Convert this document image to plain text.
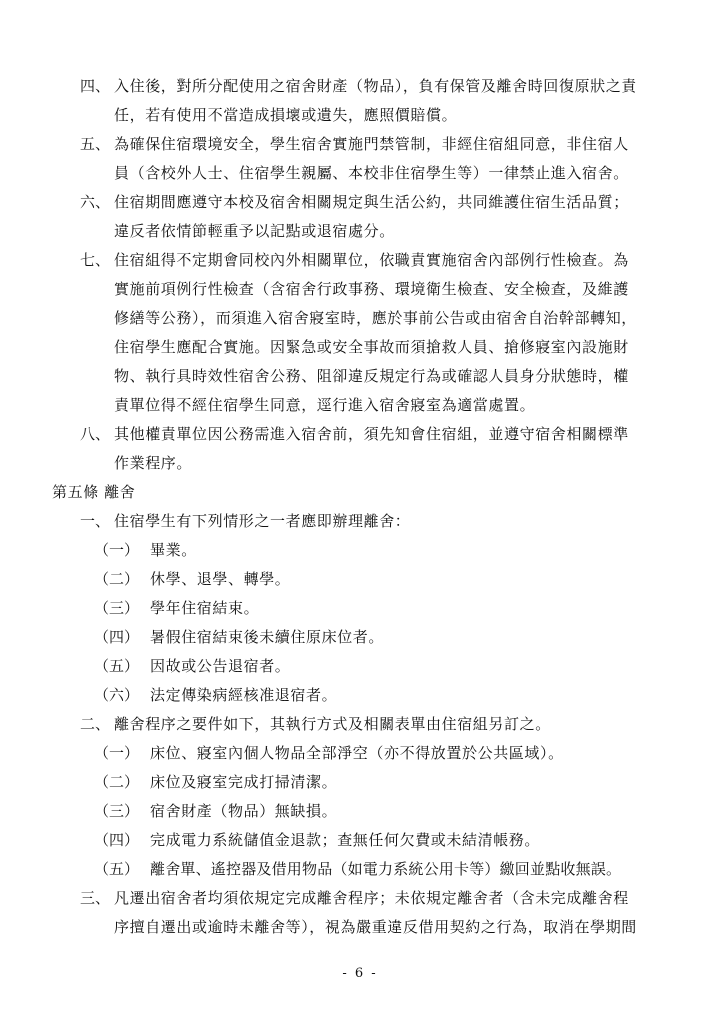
四、 入住後，對所分配使用之宿舍財產（物品），負有保管及離舍時回復原狀之責
任，若有使用不當造成損壞或遺失，應照價賠償。
五、 為確保住宿環境安全，學生宿舍實施門禁管制，非經住宿組同意，非住宿人
員（含校外人士、住宿學生親屬、本校非住宿學生等）一律禁止進入宿舍。
六、 住宿期間應遵守本校及宿舍相關規定與生活公約，共同維護住宿生活品質；
違反者依情節輕重予以記點或退宿處分。
七、 住宿組得不定期會同校內外相關單位，依職責實施宿舍內部例行性檢查。為
實施前項例行性檢查（含宿舍行政事務、環境衛生檢查、安全檢查，及維護
修繕等公務），而須進入宿舍寢室時，應於事前公告或由宿舍自治幹部轉知，
住宿學生應配合實施。因緊急或安全事故而須搶救人員、搶修寢室內設施財
物、執行具時效性宿舍公務、阻卻違反規定行為或確認人員身分狀態時，權
責單位得不經住宿學生同意，逕行進入宿舍寢室為適當處置。
八、 其他權責單位因公務需進入宿舍前，須先知會住宿組，並遵守宿舍相關標準
作業程序。
第五條 離舍
一、 住宿學生有下列情形之一者應即辦理離舍：
（一） 畢業。
（二） 休學、退學、轉學。
（三） 學年住宿結束。
（四） 暑假住宿結束後未續住原床位者。
（五） 因故或公告退宿者。
（六） 法定傳染病經核准退宿者。
二、 離舍程序之要件如下，其執行方式及相關表單由住宿組另訂之。
（一） 床位、寢室內個人物品全部淨空（亦不得放置於公共區域）。
（二） 床位及寢室完成打掃清潔。
（三） 宿舍財產（物品）無缺損。
（四） 完成電力系統儲值金退款；查無任何欠費或未結清帳務。
（五） 離舍單、遙控器及借用物品（如電力系統公用卡等）繳回並點收無誤。
三、 凡遷出宿舍者均須依規定完成離舍程序；未依規定離舍者（含未完成離舍程
序擅自遷出或逾時未離舍等），視為嚴重違反借用契約之行為，取消在學期間
- 6 -
